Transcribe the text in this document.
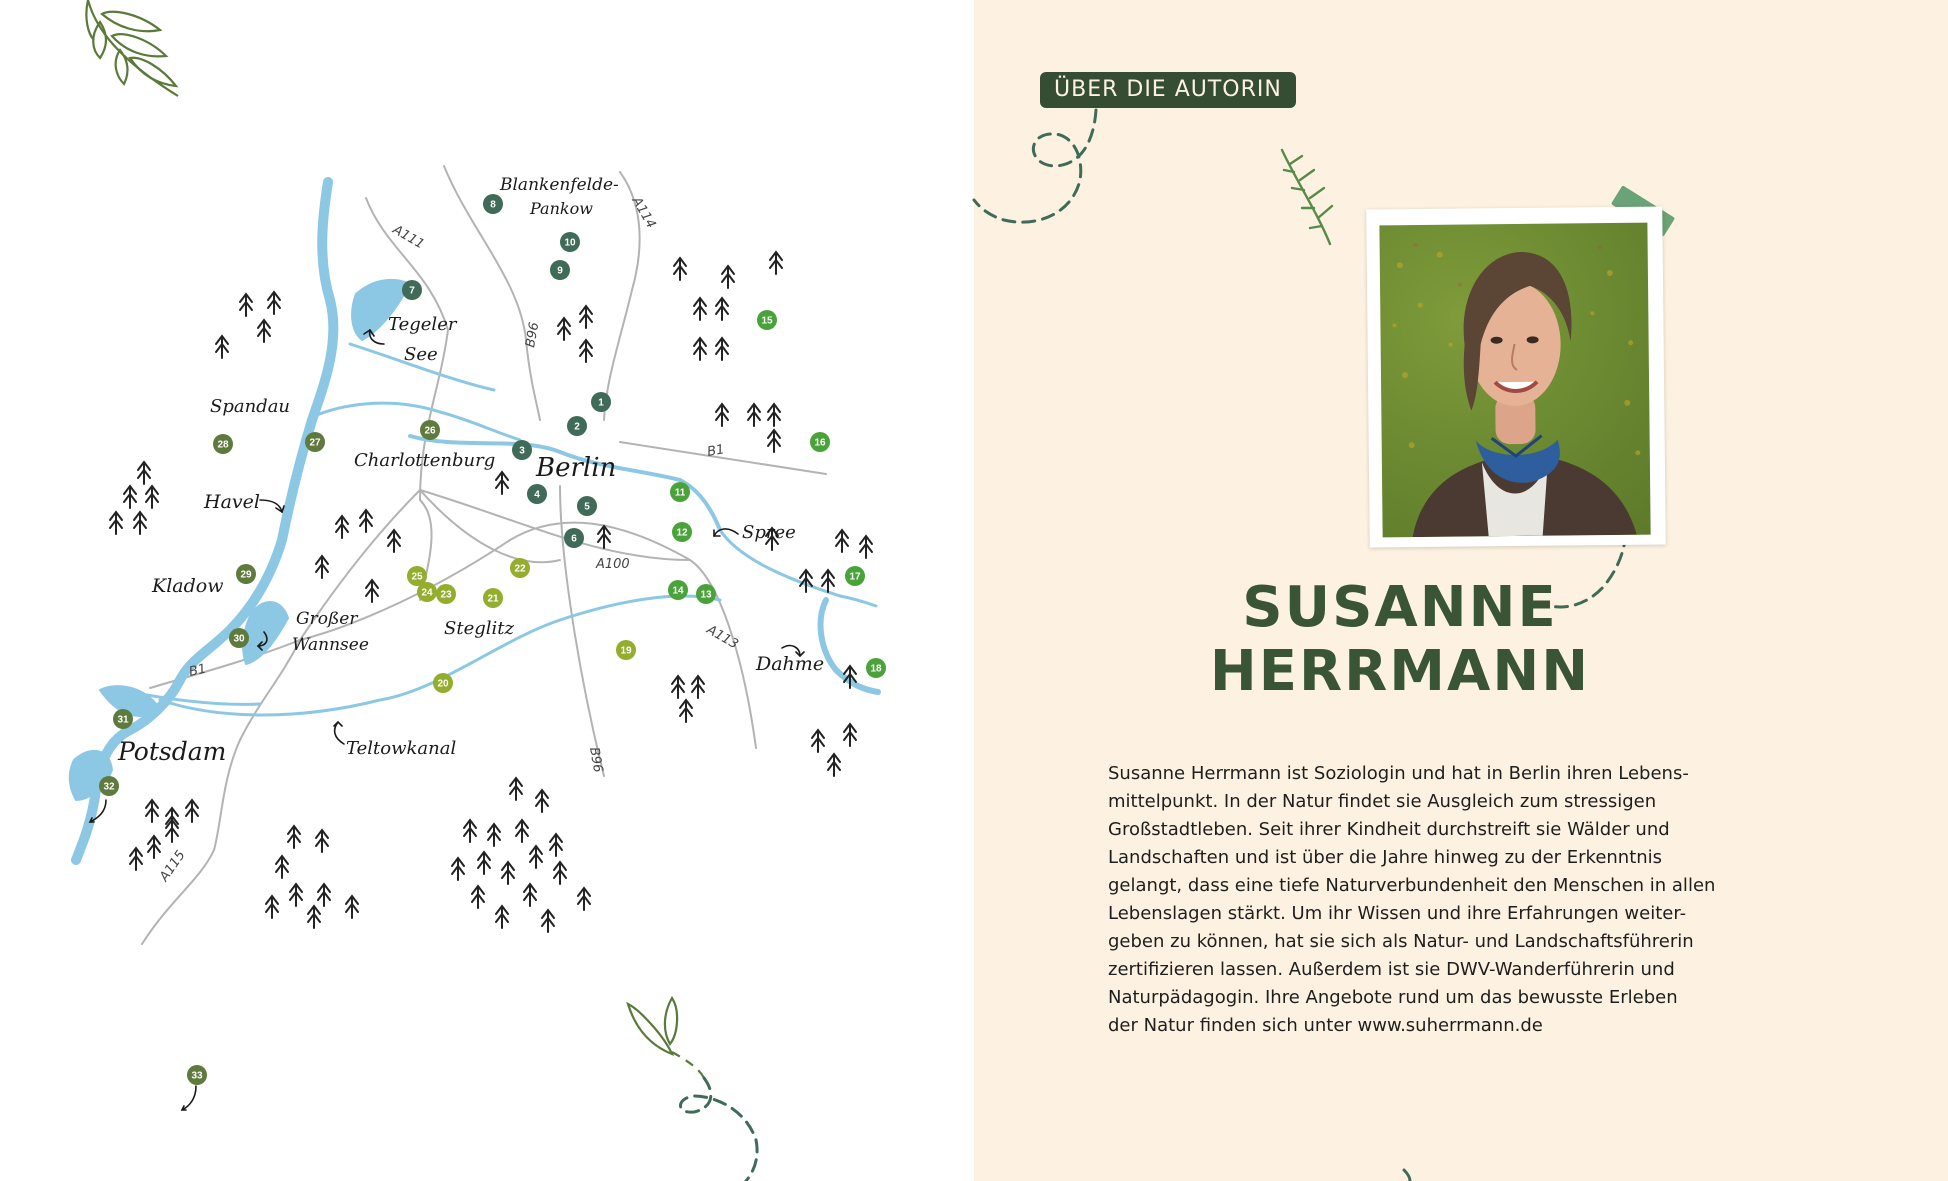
Blankenfelde-
Pankow
Tegeler
See
Spandau
Charlottenburg Berlin
Havel
Spree
Kladow
Großer
Wannsee
Steglitz
Dahme
Potsdam	Teltowkanal
A111
A114
B96
B1
A100
B1
A113
B96
A115
1
2
3
4
5
6
7
8
9
10
11
12
13
14
15
16
17
18
19
20
21
22
23
24
25
26
27
28
29
30
31
32
33
ÜBER DIE AUTORIN
SUSANNE
HERRMANN
Susanne Herrmann ist Soziologin und hat in Berlin ihren Lebens-
mittelpunkt. In der Natur findet sie Ausgleich zum stressigen
Großstadtleben. Seit ihrer Kindheit durchstreift sie Wälder und
Landschaften und ist über die Jahre hinweg zu der Erkenntnis
gelangt, dass eine tiefe Naturverbundenheit den Menschen in allen
Lebenslagen stärkt. Um ihr Wissen und ihre Erfahrungen weiter-
geben zu können, hat sie sich als Natur- und Landschaftsführerin
zertifizieren lassen. Außerdem ist sie DWV-Wanderführerin und
Naturpädagogin. Ihre Angebote rund um das bewusste Erleben
der Natur finden sich unter www.suherrmann.de
